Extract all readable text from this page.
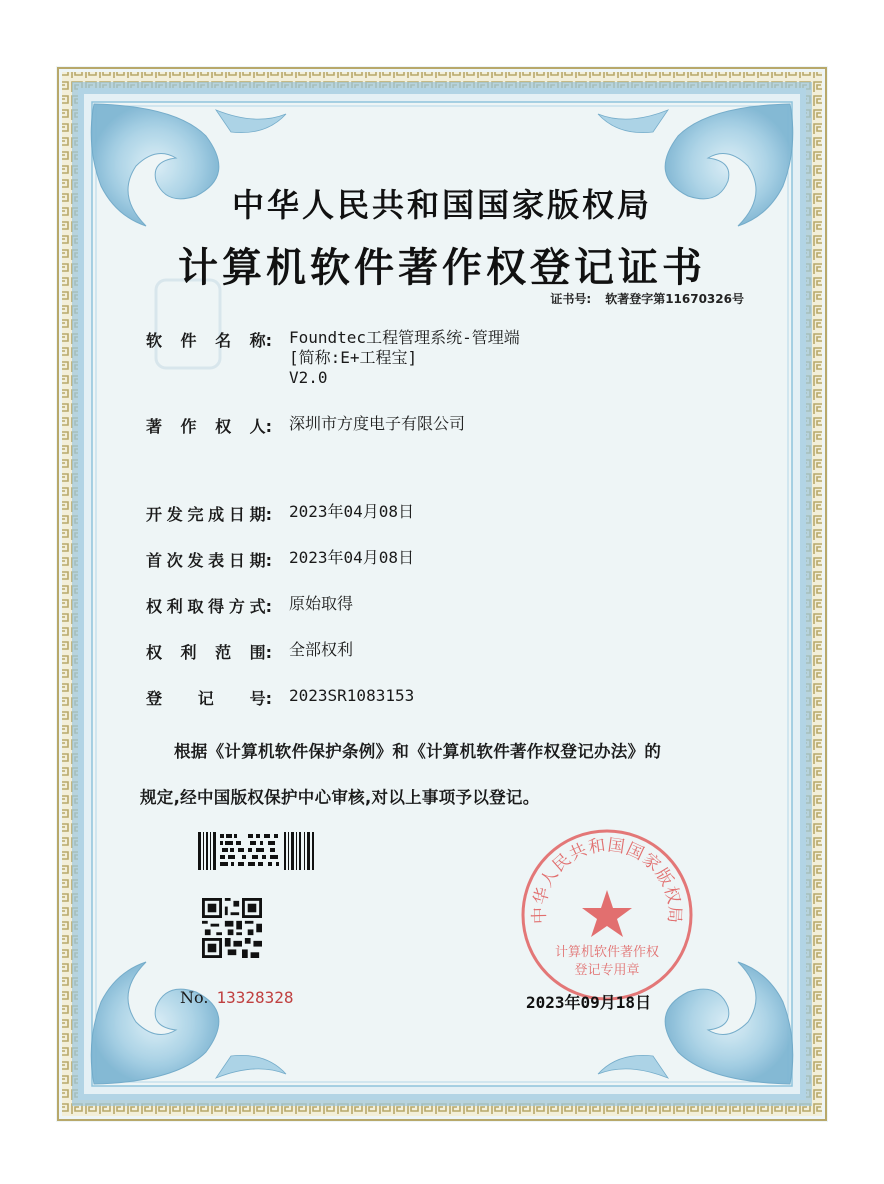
中华人民共和国国家版权局
计算机软件著作权登记证书
证书号: 软著登字第11670326号
软 件 名 称: Foundtec工程管理系统-管理端
[简称:E+工程宝]
V2.0
著 作 权 人: 深圳市方度电子有限公司
开 发 完 成 日 期: 2023年04月08日
首 次 发 表 日 期: 2023年04月08日
权 利 取 得 方 式: 原始取得
权 利 范 围: 全部权利
登 记 号: 2023SR1083153
根据《计算机软件保护条例》和《计算机软件著作权登记办法》的
规定,经中国版权保护中心审核,对以上事项予以登记。
No. 13328328
中华人民共和国国家版权局
计算机软件著作权
登记专用章
2023年09月18日
